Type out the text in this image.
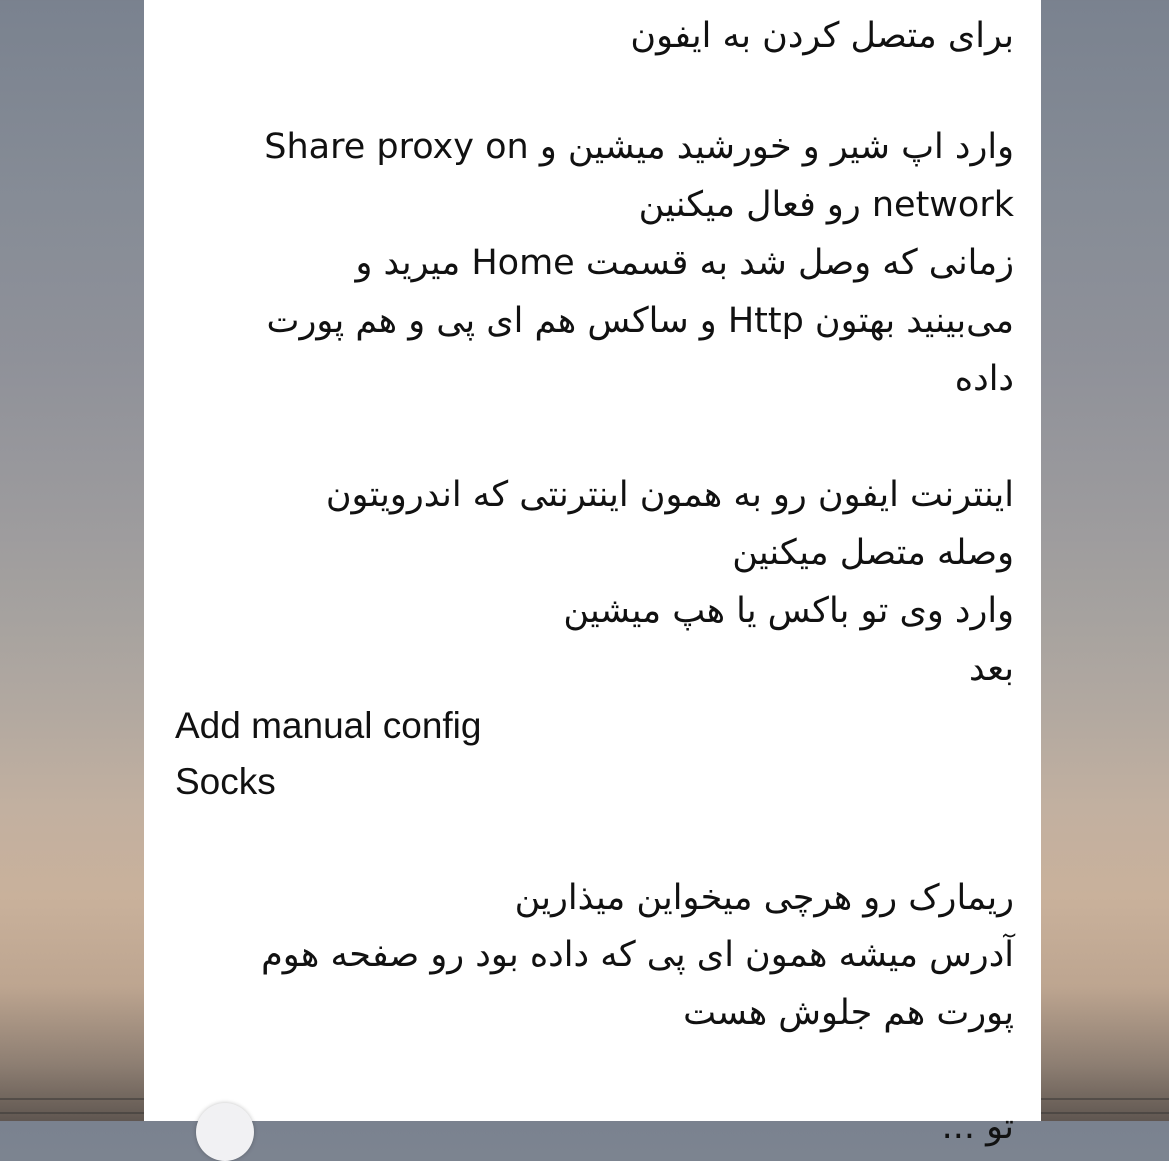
برای متصل کردن به ایفون
وارد اپ شیر و خورشید میشین و Share proxy on
network رو فعال میکنین
زمانی که وصل شد به قسمت Home میرید و
می‌بینید بهتون Http و ساکس هم ای پی و هم پورت
داده
اینترنت ایفون رو به همون اینترنتی که اندرویتون
وصله متصل میکنین
وارد وی تو باکس یا هپ میشین
بعد
Add manual config
Socks
ریمارک رو هرچی میخواین میذارین
آدرس میشه همون ای پی که داده بود رو صفحه هوم
پورت هم جلوش هست
تو ...
